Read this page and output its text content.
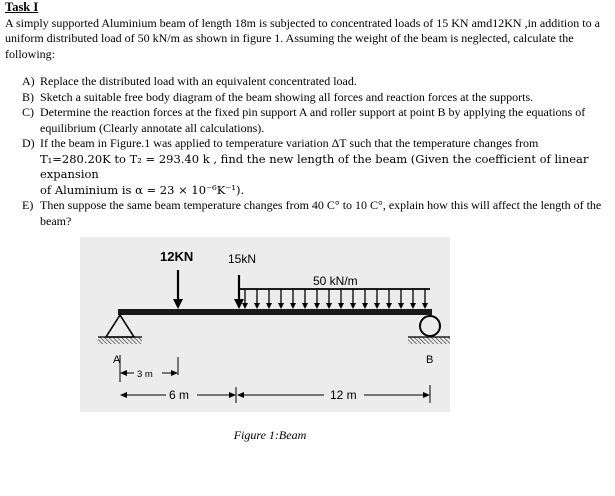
Task I

A simply supported Aluminium beam of length 18m is subjected to concentrated loads of 15 KN amd12KN ,in addition to a uniform distributed load of 50 kN/m as shown in figure 1. Assuming the weight of the beam is neglected, calculate the following:

A) Replace the distributed load with an equivalent concentrated load.
B) Sketch a suitable free body diagram of the beam showing all forces and reaction forces at the supports.
C) Determine the reaction forces at the fixed pin support A and roller support at point B by applying the equations of equilibrium (Clearly annotate all calculations).
D) If the beam in Figure.1 was applied to temperature variation ΔT such that the temperature changes from
T₁=280.20K to T₂ = 293.40 k , find the new length of the beam (Given the coefficient of linear expansion
of Aluminium is α = 23 × 10⁻⁶K⁻¹).
E) Then suppose the same beam temperature changes from 40 C° to 10 C°, explain how this will affect the length of the beam?
12KN	15kN
50 kN/m
A	B
3 m
6 m	12 m
Figure 1:Beam
